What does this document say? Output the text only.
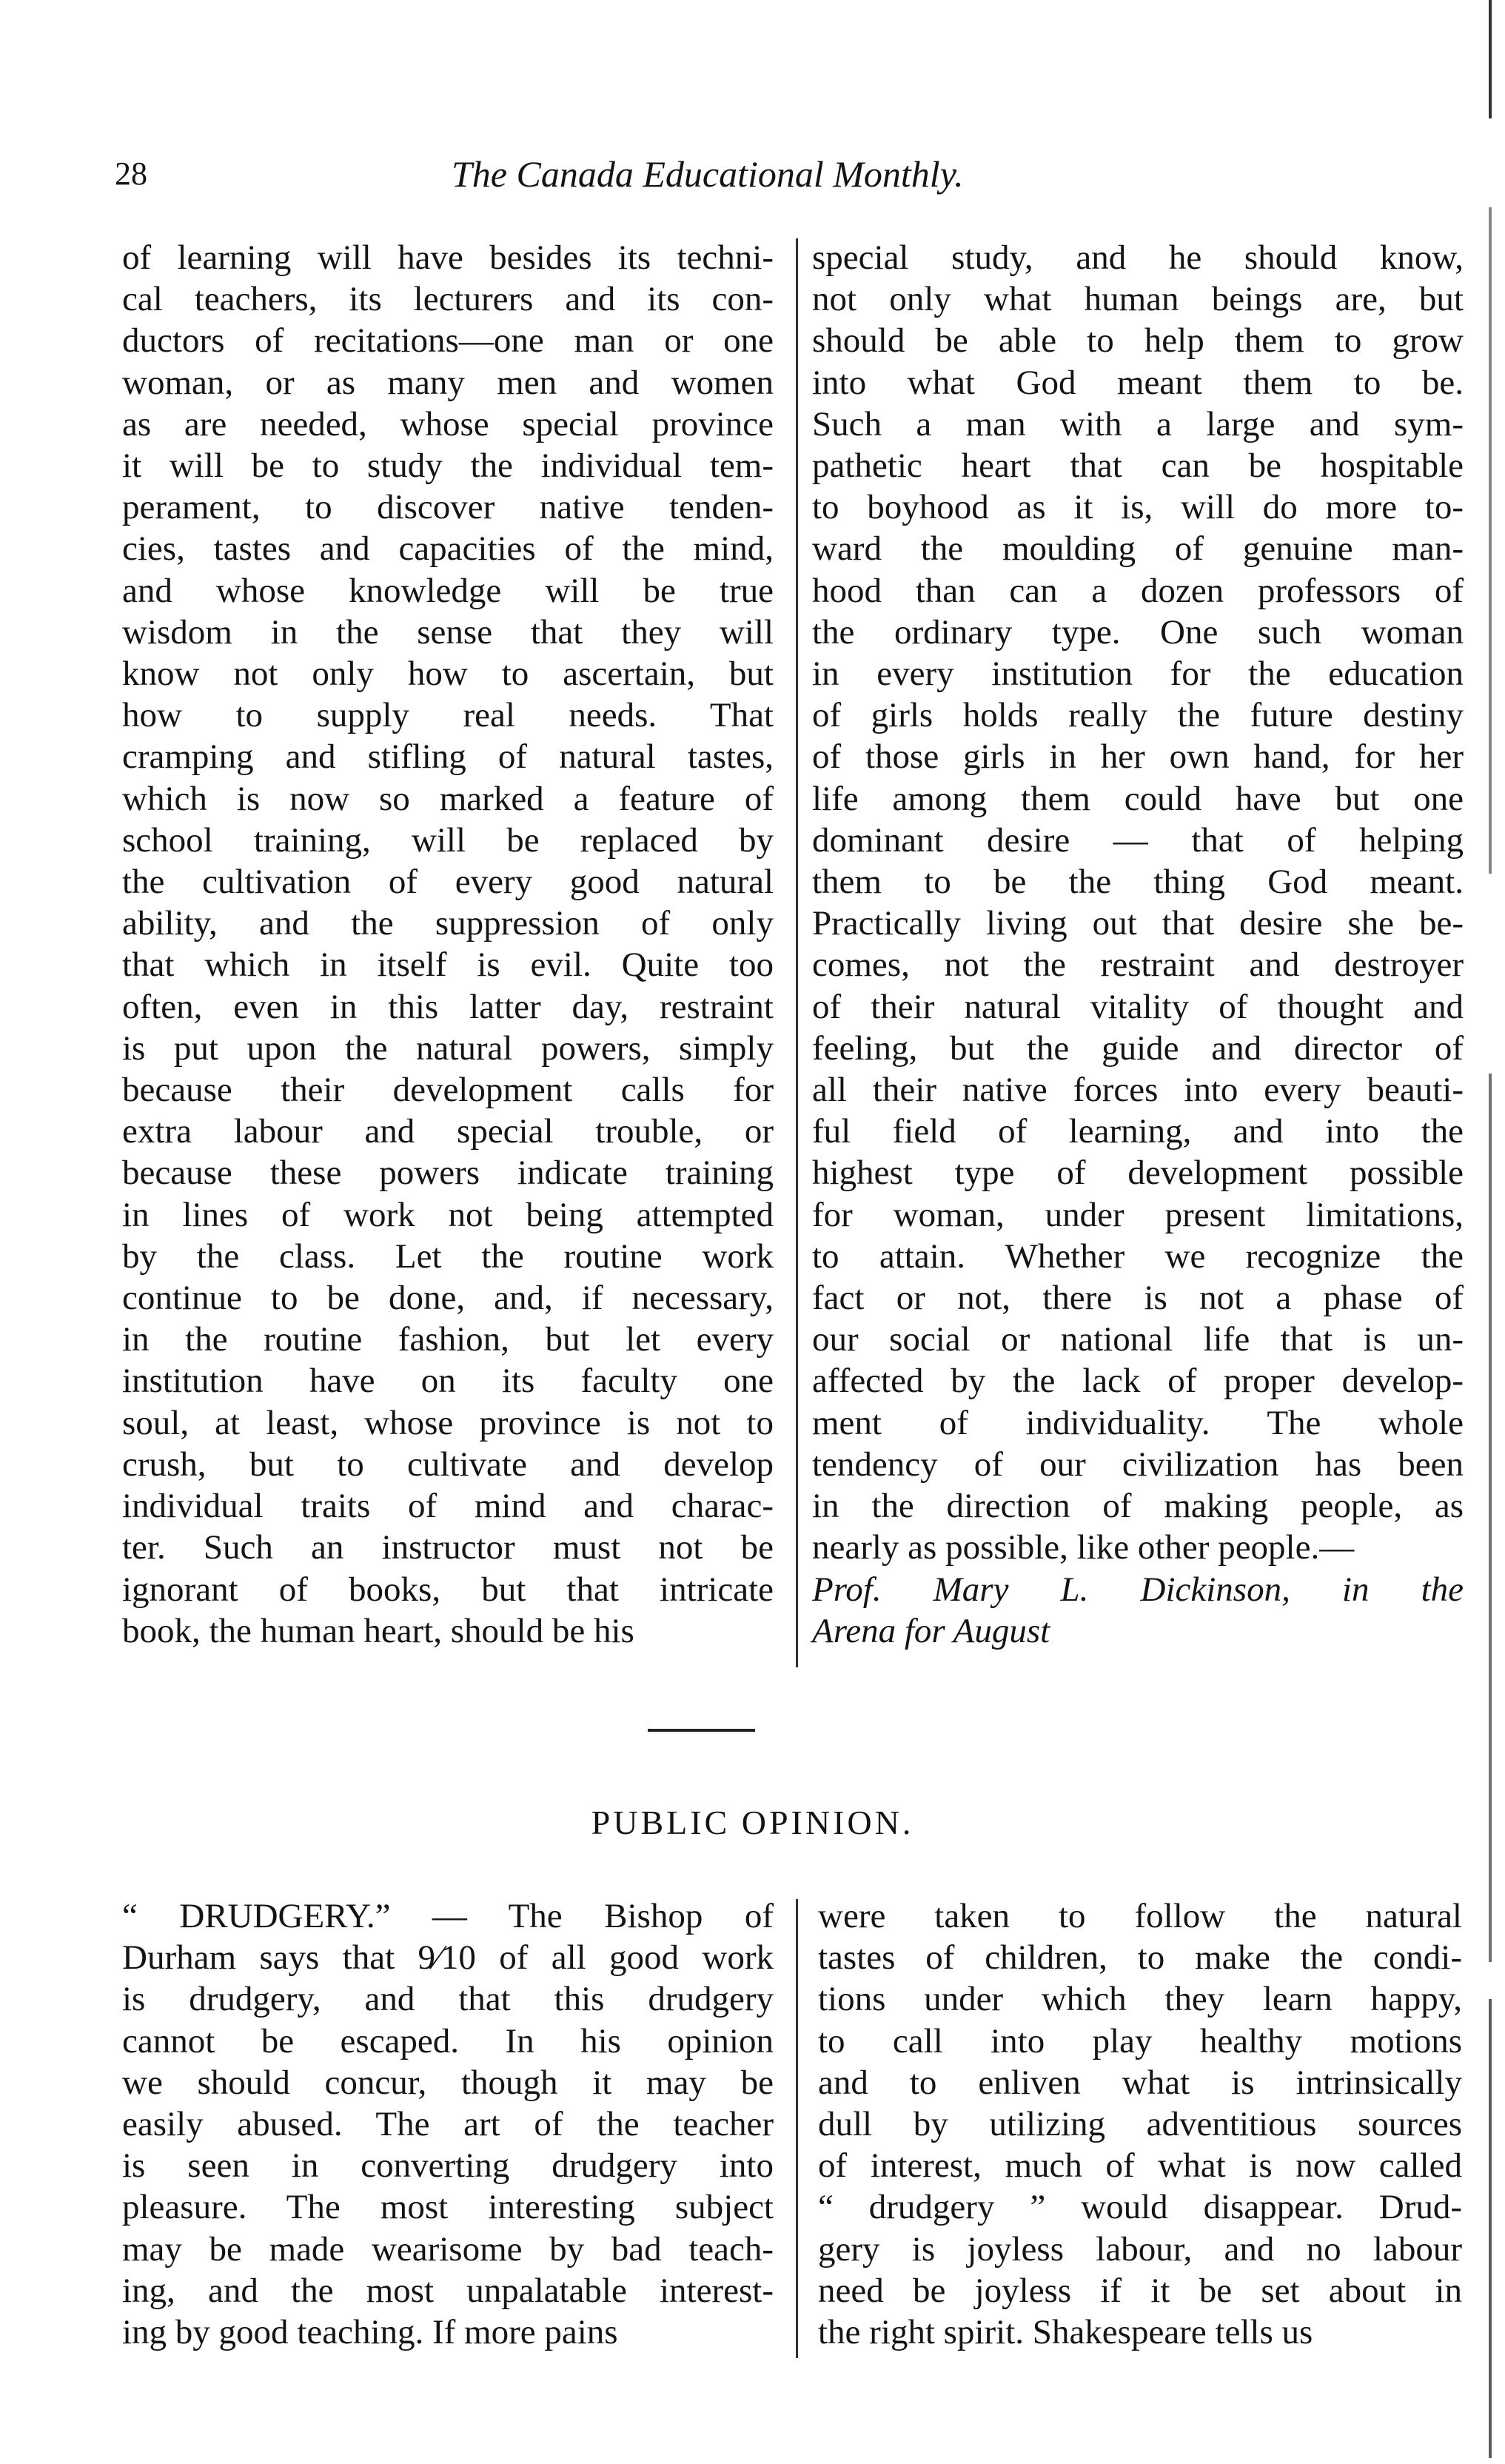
28	The Canada Educational Monthly.
of learning will have besides its techni-
cal teachers, its lecturers and its con-
ductors of recitations—one man or one
woman, or as many men and women
as are needed, whose special province
it will be to study the individual tem-
perament, to discover native tenden-
cies, tastes and capacities of the mind,
and whose knowledge will be true
wisdom in the sense that they will
know not only how to ascertain, but
how to supply real needs. That
cramping and stifling of natural tastes,
which is now so marked a feature of
school training, will be replaced by
the cultivation of every good natural
ability, and the suppression of only
that which in itself is evil. Quite too
often, even in this latter day, restraint
is put upon the natural powers, simply
because their development calls for
extra labour and special trouble, or
because these powers indicate training
in lines of work not being attempted
by the class. Let the routine work
continue to be done, and, if necessary,
in the routine fashion, but let every
institution have on its faculty one
soul, at least, whose province is not to
crush, but to cultivate and develop
individual traits of mind and charac-
ter. Such an instructor must not be
ignorant of books, but that intricate
book, the human heart, should be his
special study, and he should know,
not only what human beings are, but
should be able to help them to grow
into what God meant them to be.
Such a man with a large and sym-
pathetic heart that can be hospitable
to boyhood as it is, will do more to-
ward the moulding of genuine man-
hood than can a dozen professors of
the ordinary type. One such woman
in every institution for the education
of girls holds really the future destiny
of those girls in her own hand, for her
life among them could have but one
dominant desire — that of helping
them to be the thing God meant.
Practically living out that desire she be-
comes, not the restraint and destroyer
of their natural vitality of thought and
feeling, but the guide and director of
all their native forces into every beauti-
ful field of learning, and into the
highest type of development possible
for woman, under present limitations,
to attain. Whether we recognize the
fact or not, there is not a phase of
our social or national life that is un-
affected by the lack of proper develop-
ment of individuality. The whole
tendency of our civilization has been
in the direction of making people, as
nearly as possible, like other people.—
Prof. Mary L. Dickinson, in the
Arena for August
PUBLIC OPINION.
“ DRUDGERY.” — The Bishop of
Durham says that 9⁄10 of all good work
is drudgery, and that this drudgery
cannot be escaped. In his opinion
we should concur, though it may be
easily abused. The art of the teacher
is seen in converting drudgery into
pleasure. The most interesting subject
may be made wearisome by bad teach-
ing, and the most unpalatable interest-
ing by good teaching. If more pains
were taken to follow the natural
tastes of children, to make the condi-
tions under which they learn happy,
to call into play healthy motions
and to enliven what is intrinsically
dull by utilizing adventitious sources
of interest, much of what is now called
“ drudgery ” would disappear. Drud-
gery is joyless labour, and no labour
need be joyless if it be set about in
the right spirit. Shakespeare tells us
